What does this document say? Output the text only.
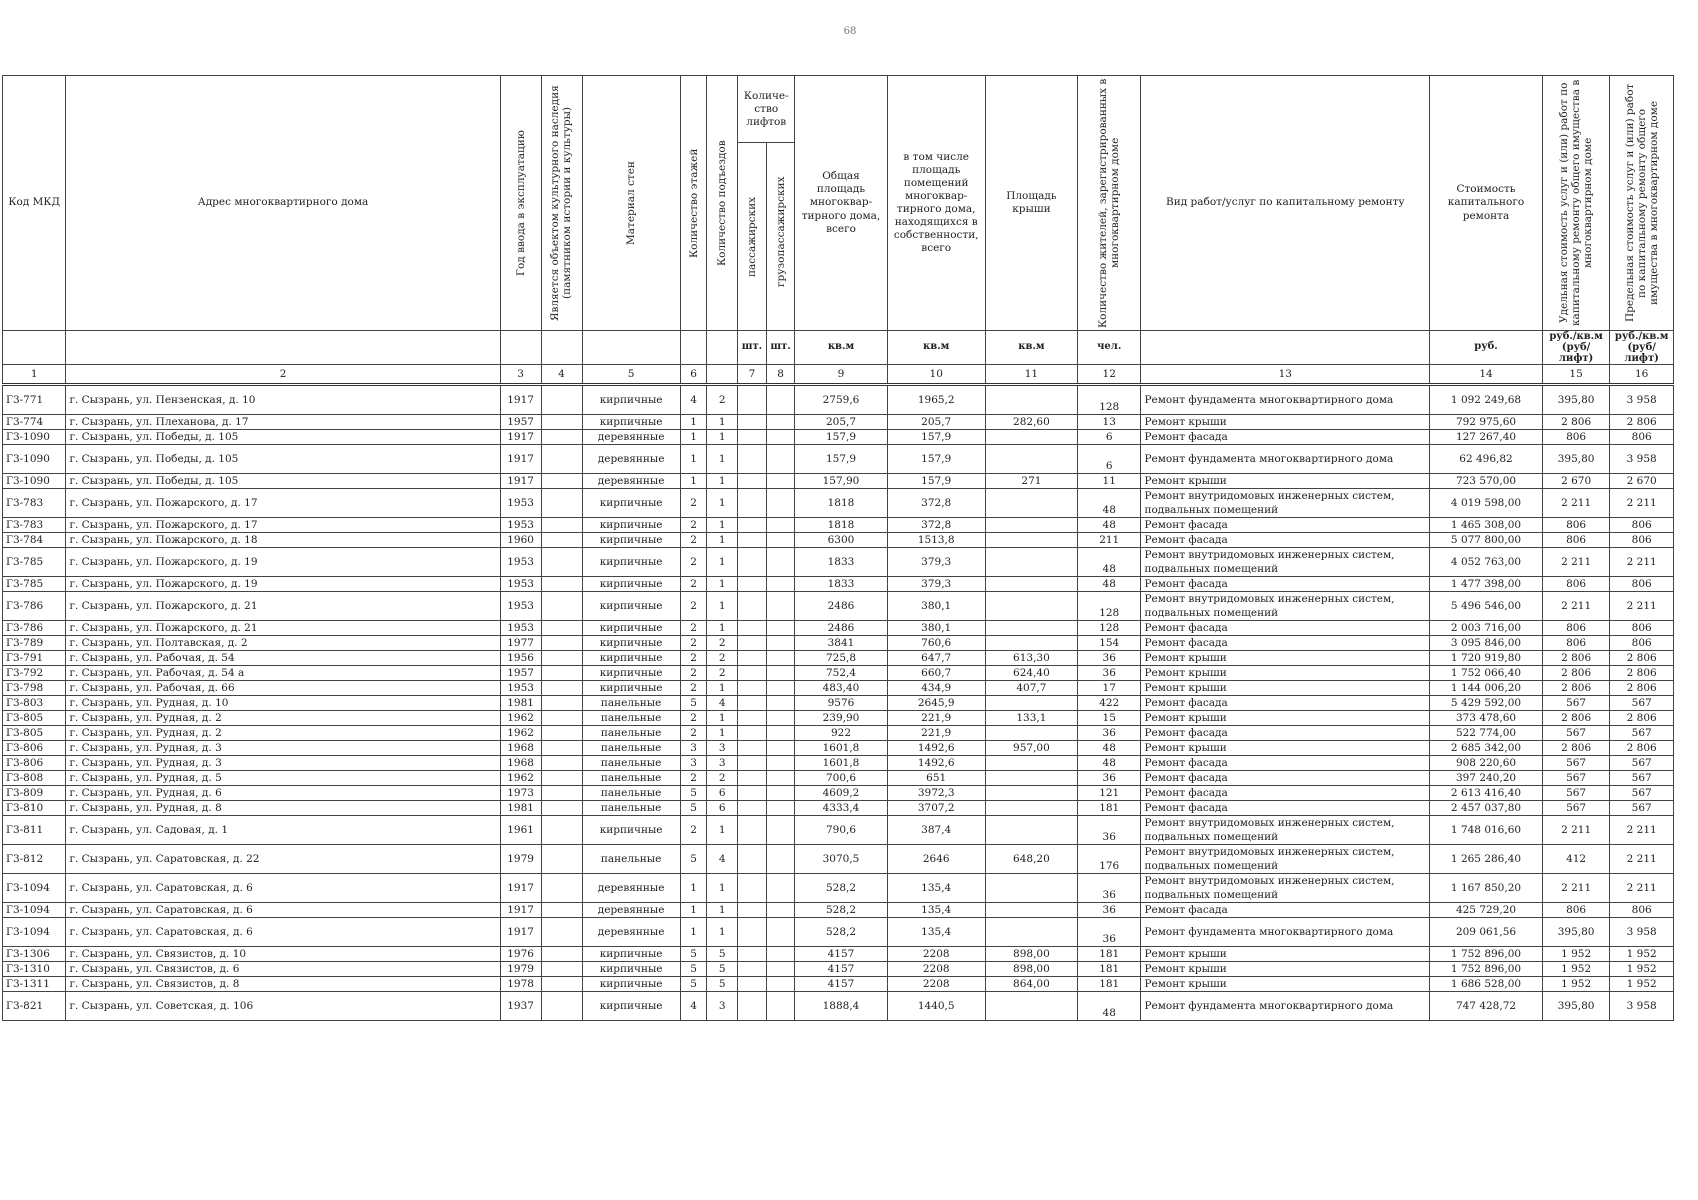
68
Код МКД	Адрес многоквартирного дома	Год ввода в эксплуатацию	Является объектом культурного наследия (памятником истории и культуры)	Материал стен	Количество этажей	Количество подъездов	Количе-ство лифтов		Общая площадь многоквар-тирного дома, всего	в том числе площадь помещений многоквар-тирного дома, находящихся в собственности, всего	Площадь крыши	Количество жителей, зарегистрированных в многоквартирном доме	Вид работ/услуг по капитальному ремонту	Стоимость капитального ремонта	Удельная стоимость услуг и (или) работ по капитальному ремонту общего имущества в многоквартирном доме	Предельная стоимость услуг и (или) работ по капитальному ремонту общего имущества в многоквартирном доме

							пассажирских	грузопассажирских								

							шт.	шт.	кв.м	кв.м	кв.м	чел.		руб.	руб./кв.м (руб/лифт)	руб./кв.м (руб/лифт)
1	2	3	4	5	6		7	8	9	10	11	12	13	14	15	16
Г3-771	г. Сызрань, ул. Пензенская, д. 10	1917		кирпичные	4	2			2759,6	1965,2		128	Ремонт фундамента многоквартирного дома	1 092 249,68	395,80	3 958
Г3-774	г. Сызрань, ул. Плеханова, д. 17	1957		кирпичные	1	1			205,7	205,7	282,60	13	Ремонт крыши	792 975,60	2 806	2 806
Г3-1090	г. Сызрань, ул. Победы, д. 105	1917		деревянные	1	1			157,9	157,9		6	Ремонт фасада	127 267,40	806	806
Г3-1090	г. Сызрань, ул. Победы, д. 105	1917		деревянные	1	1			157,9	157,9		6	Ремонт фундамента многоквартирного дома	62 496,82	395,80	3 958
Г3-1090	г. Сызрань, ул. Победы, д. 105	1917		деревянные	1	1			157,90	157,9	271	11	Ремонт крыши	723 570,00	2 670	2 670
Г3-783	г. Сызрань, ул. Пожарского, д. 17	1953		кирпичные	2	1			1818	372,8		48	Ремонт внутридомовых инженерных систем, подвальных помещений	4 019 598,00	2 211	2 211
Г3-783	г. Сызрань, ул. Пожарского, д. 17	1953		кирпичные	2	1			1818	372,8		48	Ремонт фасада	1 465 308,00	806	806
Г3-784	г. Сызрань, ул. Пожарского, д. 18	1960		кирпичные	2	1			6300	1513,8		211	Ремонт фасада	5 077 800,00	806	806
Г3-785	г. Сызрань, ул. Пожарского, д. 19	1953		кирпичные	2	1			1833	379,3		48	Ремонт внутридомовых инженерных систем, подвальных помещений	4 052 763,00	2 211	2 211
Г3-785	г. Сызрань, ул. Пожарского, д. 19	1953		кирпичные	2	1			1833	379,3		48	Ремонт фасада	1 477 398,00	806	806
Г3-786	г. Сызрань, ул. Пожарского, д. 21	1953		кирпичные	2	1			2486	380,1		128	Ремонт внутридомовых инженерных систем, подвальных помещений	5 496 546,00	2 211	2 211
Г3-786	г. Сызрань, ул. Пожарского, д. 21	1953		кирпичные	2	1			2486	380,1		128	Ремонт фасада	2 003 716,00	806	806
Г3-789	г. Сызрань, ул. Полтавская, д. 2	1977		кирпичные	2	2			3841	760,6		154	Ремонт фасада	3 095 846,00	806	806
Г3-791	г. Сызрань, ул. Рабочая, д. 54	1956		кирпичные	2	2			725,8	647,7	613,30	36	Ремонт крыши	1 720 919,80	2 806	2 806
Г3-792	г. Сызрань, ул. Рабочая, д. 54 а	1957		кирпичные	2	2			752,4	660,7	624,40	36	Ремонт крыши	1 752 066,40	2 806	2 806
Г3-798	г. Сызрань, ул. Рабочая, д. 66	1953		кирпичные	2	1			483,40	434,9	407,7	17	Ремонт крыши	1 144 006,20	2 806	2 806
Г3-803	г. Сызрань, ул. Рудная, д. 10	1981		панельные	5	4			9576	2645,9		422	Ремонт фасада	5 429 592,00	567	567
Г3-805	г. Сызрань, ул. Рудная, д. 2	1962		панельные	2	1			239,90	221,9	133,1	15	Ремонт крыши	373 478,60	2 806	2 806
Г3-805	г. Сызрань, ул. Рудная, д. 2	1962		панельные	2	1			922	221,9		36	Ремонт фасада	522 774,00	567	567
Г3-806	г. Сызрань, ул. Рудная, д. 3	1968		панельные	3	3			1601,8	1492,6	957,00	48	Ремонт крыши	2 685 342,00	2 806	2 806
Г3-806	г. Сызрань, ул. Рудная, д. 3	1968		панельные	3	3			1601,8	1492,6		48	Ремонт фасада	908 220,60	567	567
Г3-808	г. Сызрань, ул. Рудная, д. 5	1962		панельные	2	2			700,6	651		36	Ремонт фасада	397 240,20	567	567
Г3-809	г. Сызрань, ул. Рудная, д. 6	1973		панельные	5	6			4609,2	3972,3		121	Ремонт фасада	2 613 416,40	567	567
Г3-810	г. Сызрань, ул. Рудная, д. 8	1981		панельные	5	6			4333,4	3707,2		181	Ремонт фасада	2 457 037,80	567	567
Г3-811	г. Сызрань, ул. Садовая, д. 1	1961		кирпичные	2	1			790,6	387,4		36	Ремонт внутридомовых инженерных систем, подвальных помещений	1 748 016,60	2 211	2 211
Г3-812	г. Сызрань, ул. Саратовская, д. 22	1979		панельные	5	4			3070,5	2646	648,20	176	Ремонт внутридомовых инженерных систем, подвальных помещений	1 265 286,40	412	2 211
Г3-1094	г. Сызрань, ул. Саратовская, д. 6	1917		деревянные	1	1			528,2	135,4		36	Ремонт внутридомовых инженерных систем, подвальных помещений	1 167 850,20	2 211	2 211
Г3-1094	г. Сызрань, ул. Саратовская, д. 6	1917		деревянные	1	1			528,2	135,4		36	Ремонт фасада	425 729,20	806	806
Г3-1094	г. Сызрань, ул. Саратовская, д. 6	1917		деревянные	1	1			528,2	135,4		36	Ремонт фундамента многоквартирного дома	209 061,56	395,80	3 958
Г3-1306	г. Сызрань, ул. Связистов, д. 10	1976		кирпичные	5	5			4157	2208	898,00	181	Ремонт крыши	1 752 896,00	1 952	1 952
Г3-1310	г. Сызрань, ул. Связистов, д. 6	1979		кирпичные	5	5			4157	2208	898,00	181	Ремонт крыши	1 752 896,00	1 952	1 952
Г3-1311	г. Сызрань, ул. Связистов, д. 8	1978		кирпичные	5	5			4157	2208	864,00	181	Ремонт крыши	1 686 528,00	1 952	1 952
Г3-821	г. Сызрань, ул. Советская, д. 106	1937		кирпичные	4	3			1888,4	1440,5		48	Ремонт фундамента многоквартирного дома	747 428,72	395,80	3 958
